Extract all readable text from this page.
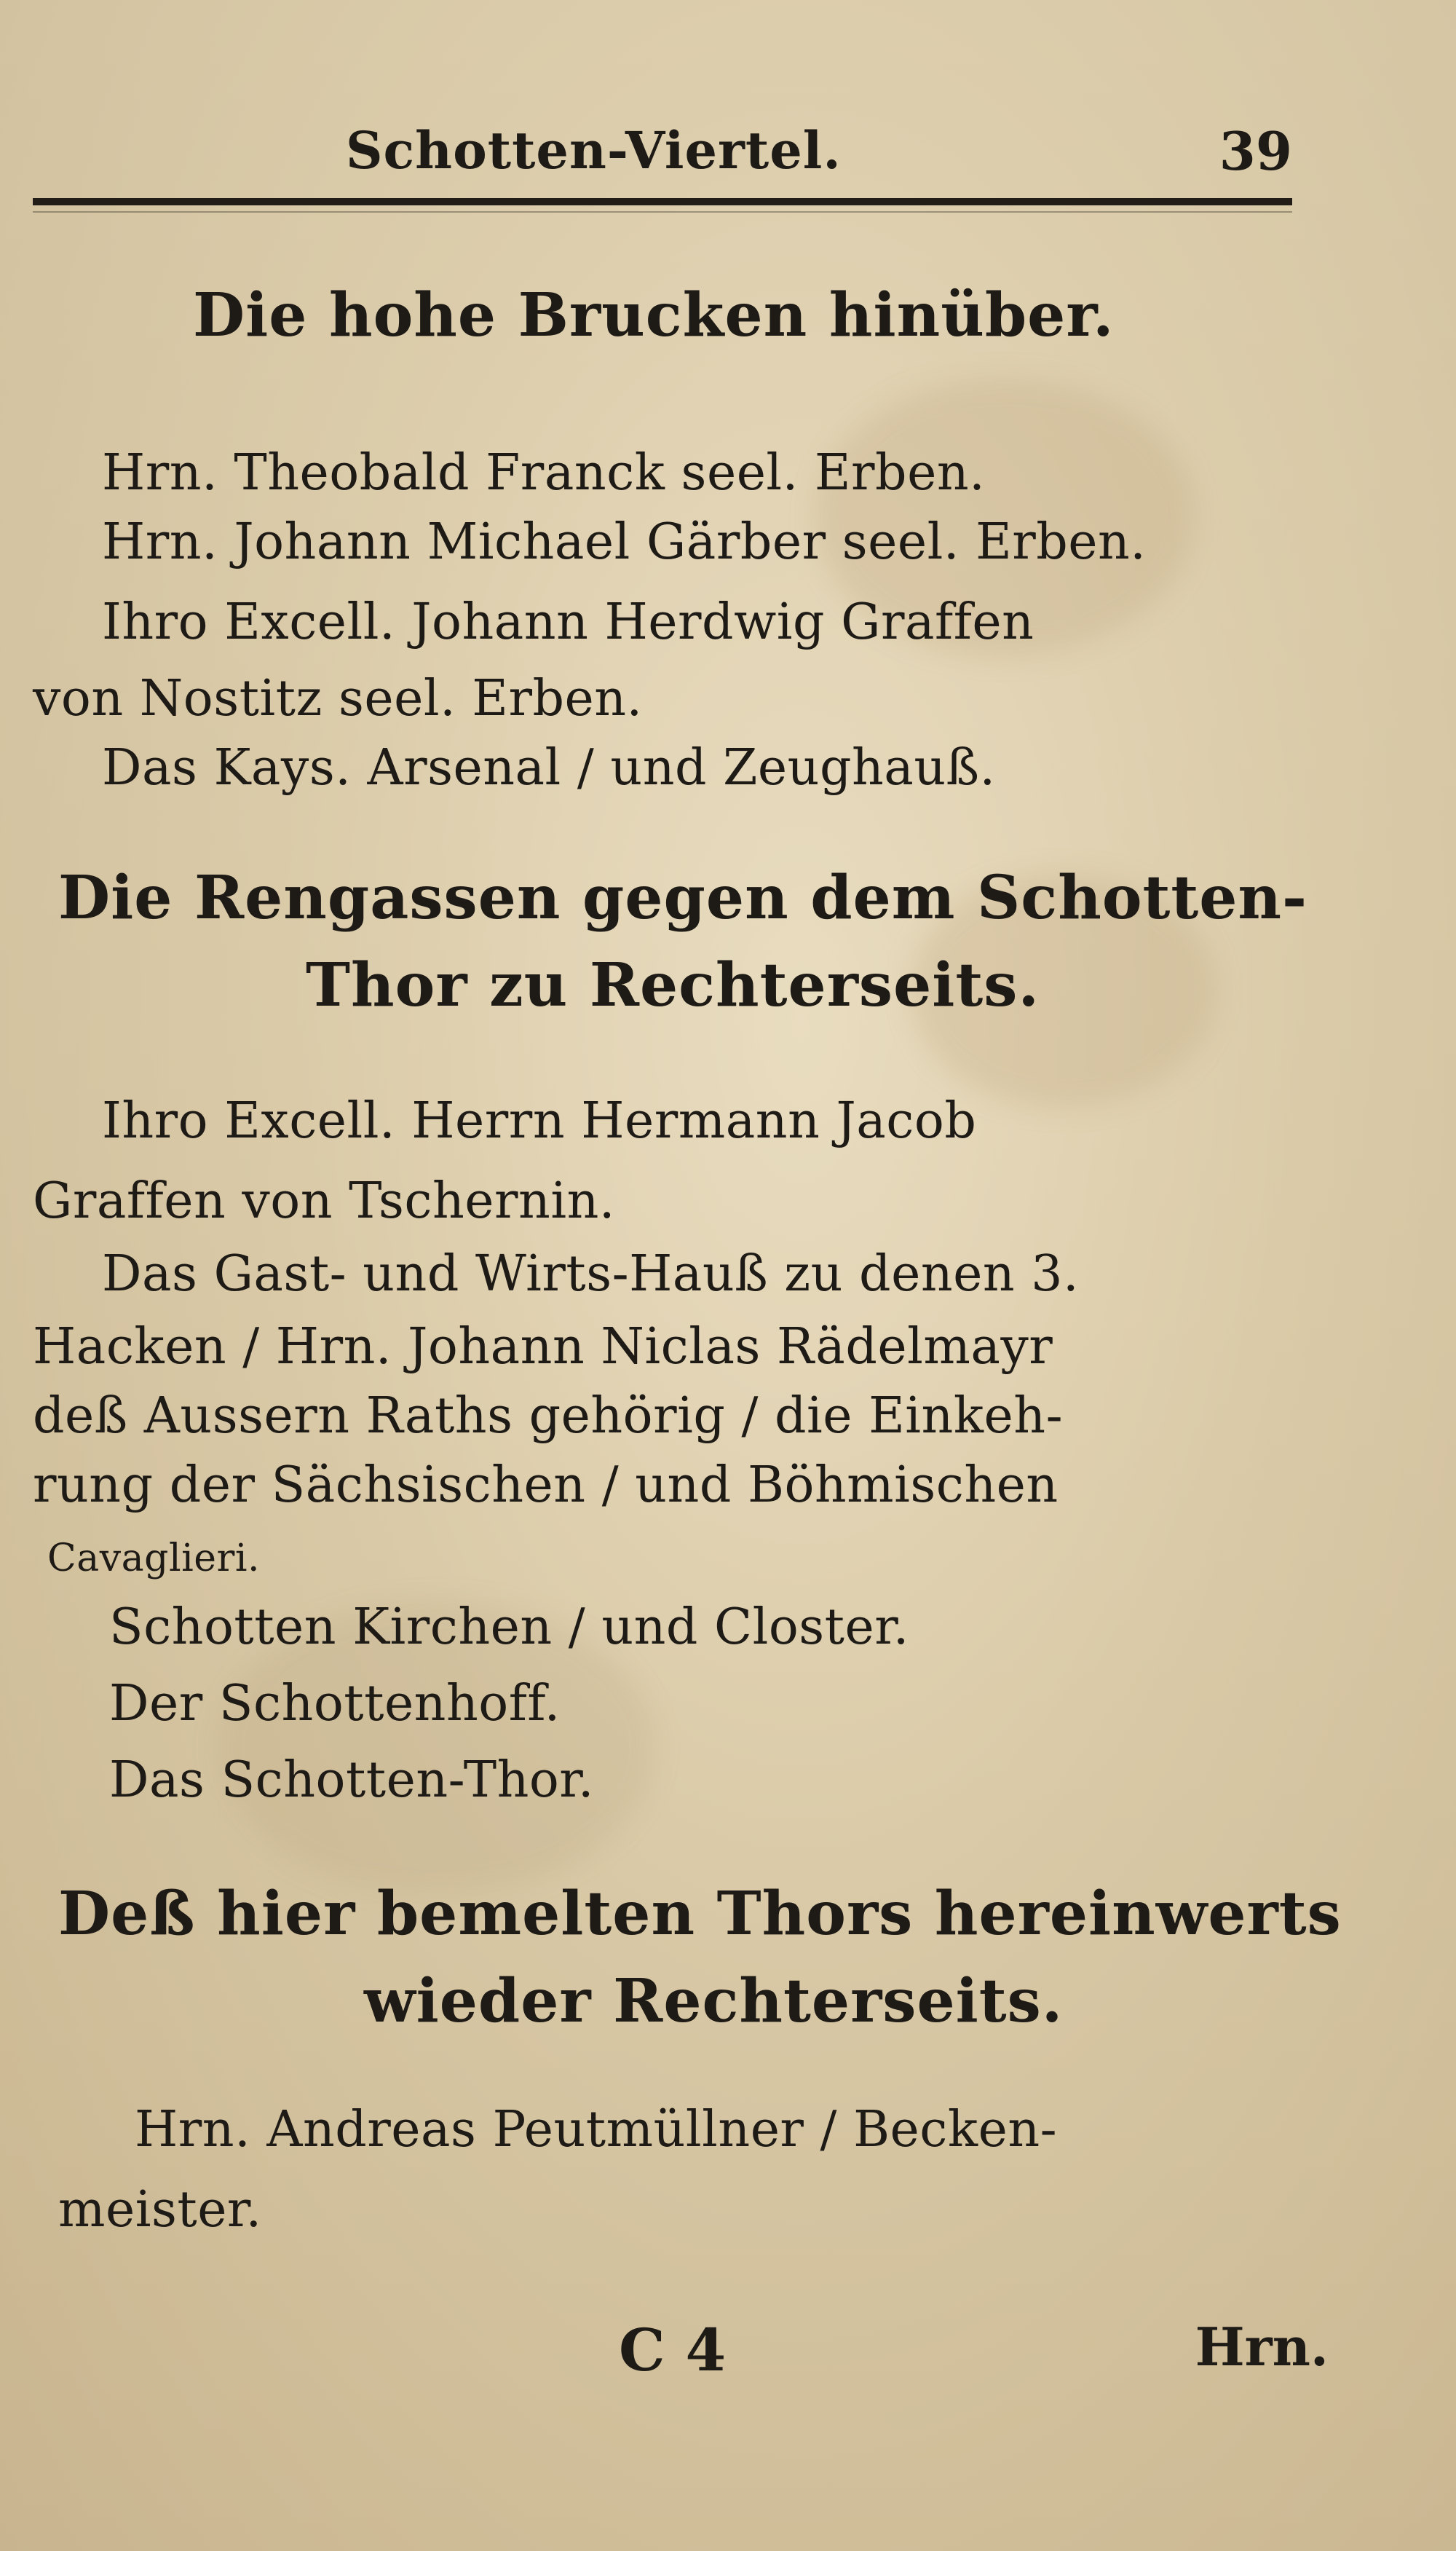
Schotten-Viertel.	39
Die hohe Brucken hinüber.
Hrn. Theobald Franck seel. Erben.
Hrn. Johann Michael Gärber seel. Erben.
Ihro Excell. Johann Herdwig Graffen
von Nostitz seel. Erben.
Das Kays. Arsenal / und Zeughauß.
Die Rengassen gegen dem Schotten-
Thor zu Rechterseits.
Ihro Excell. Herrn Hermann Jacob
Graffen von Tschernin.
Das Gast- und Wirts-Hauß zu denen 3.
Hacken / Hrn. Johann Niclas Rädelmayr
deß Aussern Raths gehörig / die Einkeh-
rung der Sächsischen / und Böhmischen
Cavaglieri.
Schotten Kirchen / und Closter.
Der Schottenhoff.
Das Schotten-Thor.
Deß hier bemelten Thors hereinwerts
wieder Rechterseits.
Hrn. Andreas Peutmüllner / Becken-
meister.
C 4	Hrn.
